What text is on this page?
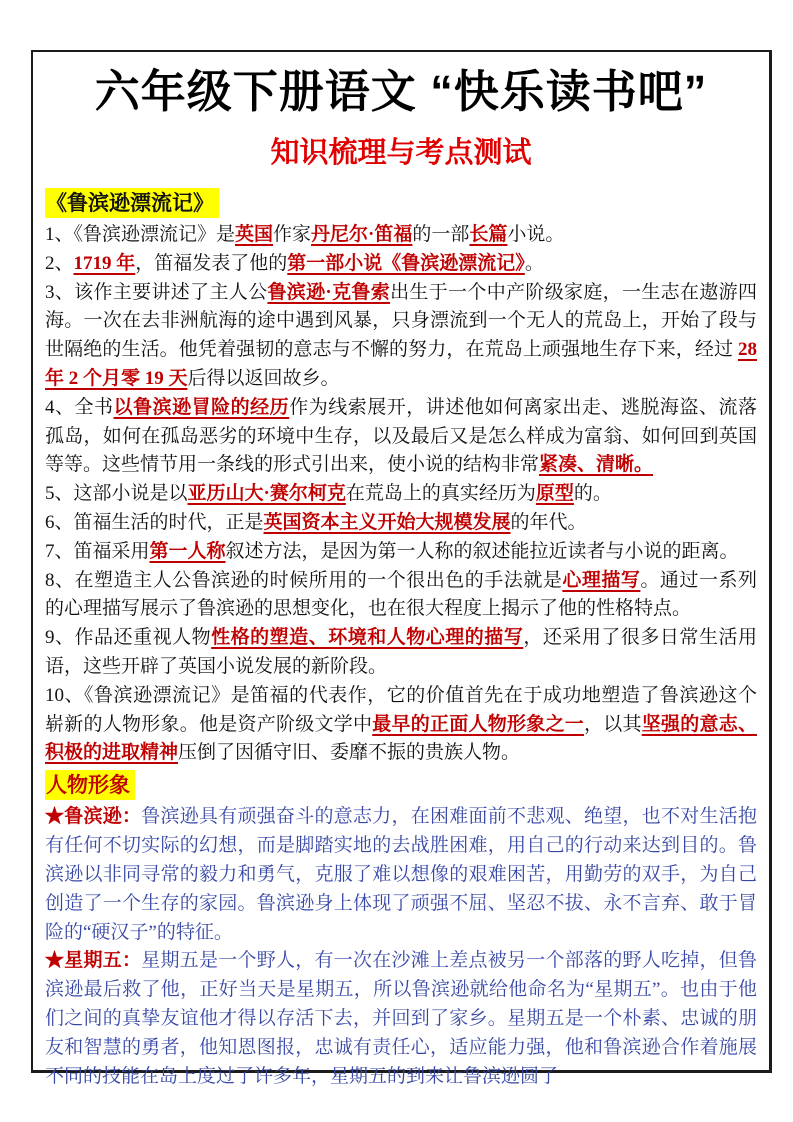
六年级下册语文 “快乐读书吧”
知识梳理与考点测试
《鲁滨逊漂流记》

1、《鲁滨逊漂流记》是英国作家丹尼尔·笛福的一部长篇小说。

2、1719 年，笛福发表了他的第一部小说《鲁滨逊漂流记》。

3、该作主要讲述了主人公鲁滨逊·克鲁索出生于一个中产阶级家庭，一生志在遨游四海。一次在去非洲航海的途中遇到风暴，只身漂流到一个无人的荒岛上，开始了段与世隔绝的生活。他凭着强韧的意志与不懈的努力，在荒岛上顽强地生存下来，经过 28 年 2 个月零 19 天后得以返回故乡。

4、全书以鲁滨逊冒险的经历作为线索展开，讲述他如何离家出走、逃脱海盗、流落孤岛，如何在孤岛恶劣的环境中生存，以及最后又是怎么样成为富翁、如何回到英国等等。这些情节用一条线的形式引出来，使小说的结构非常紧凑、清晰。

5、这部小说是以亚历山大·赛尔柯克在荒岛上的真实经历为原型的。

6、笛福生活的时代，正是英国资本主义开始大规模发展的年代。

7、笛福采用第一人称叙述方法，是因为第一人称的叙述能拉近读者与小说的距离。

8、在塑造主人公鲁滨逊的时候所用的一个很出色的手法就是心理描写。通过一系列的心理描写展示了鲁滨逊的思想变化，也在很大程度上揭示了他的性格特点。

9、作品还重视人物性格的塑造、环境和人物心理的描写，还采用了很多日常生活用语，这些开辟了英国小说发展的新阶段。

10、《鲁滨逊漂流记》是笛福的代表作，它的价值首先在于成功地塑造了鲁滨逊这个崭新的人物形象。他是资产阶级文学中最早的正面人物形象之一，以其坚强的意志、积极的进取精神压倒了因循守旧、委靡不振的贵族人物。

人物形象

★鲁滨逊：鲁滨逊具有顽强奋斗的意志力，在困难面前不悲观、绝望，也不对生活抱有任何不切实际的幻想，而是脚踏实地的去战胜困难，用自己的行动来达到目的。鲁滨逊以非同寻常的毅力和勇气，克服了难以想像的艰难困苦，用勤劳的双手，为自己创造了一个生存的家园。鲁滨逊身上体现了顽强不屈、坚忍不拔、永不言弃、敢于冒险的“硬汉子”的特征。

★星期五：星期五是一个野人，有一次在沙滩上差点被另一个部落的野人吃掉，但鲁滨逊最后救了他，正好当天是星期五，所以鲁滨逊就给他命名为“星期五”。也由于他们之间的真挚友谊他才得以存活下去，并回到了家乡。星期五是一个朴素、忠诚的朋友和智慧的勇者，他知恩图报，忠诚有责任心，适应能力强，他和鲁滨逊合作着施展不同的技能在岛上度过了许多年，星期五的到来让鲁滨逊圆了
